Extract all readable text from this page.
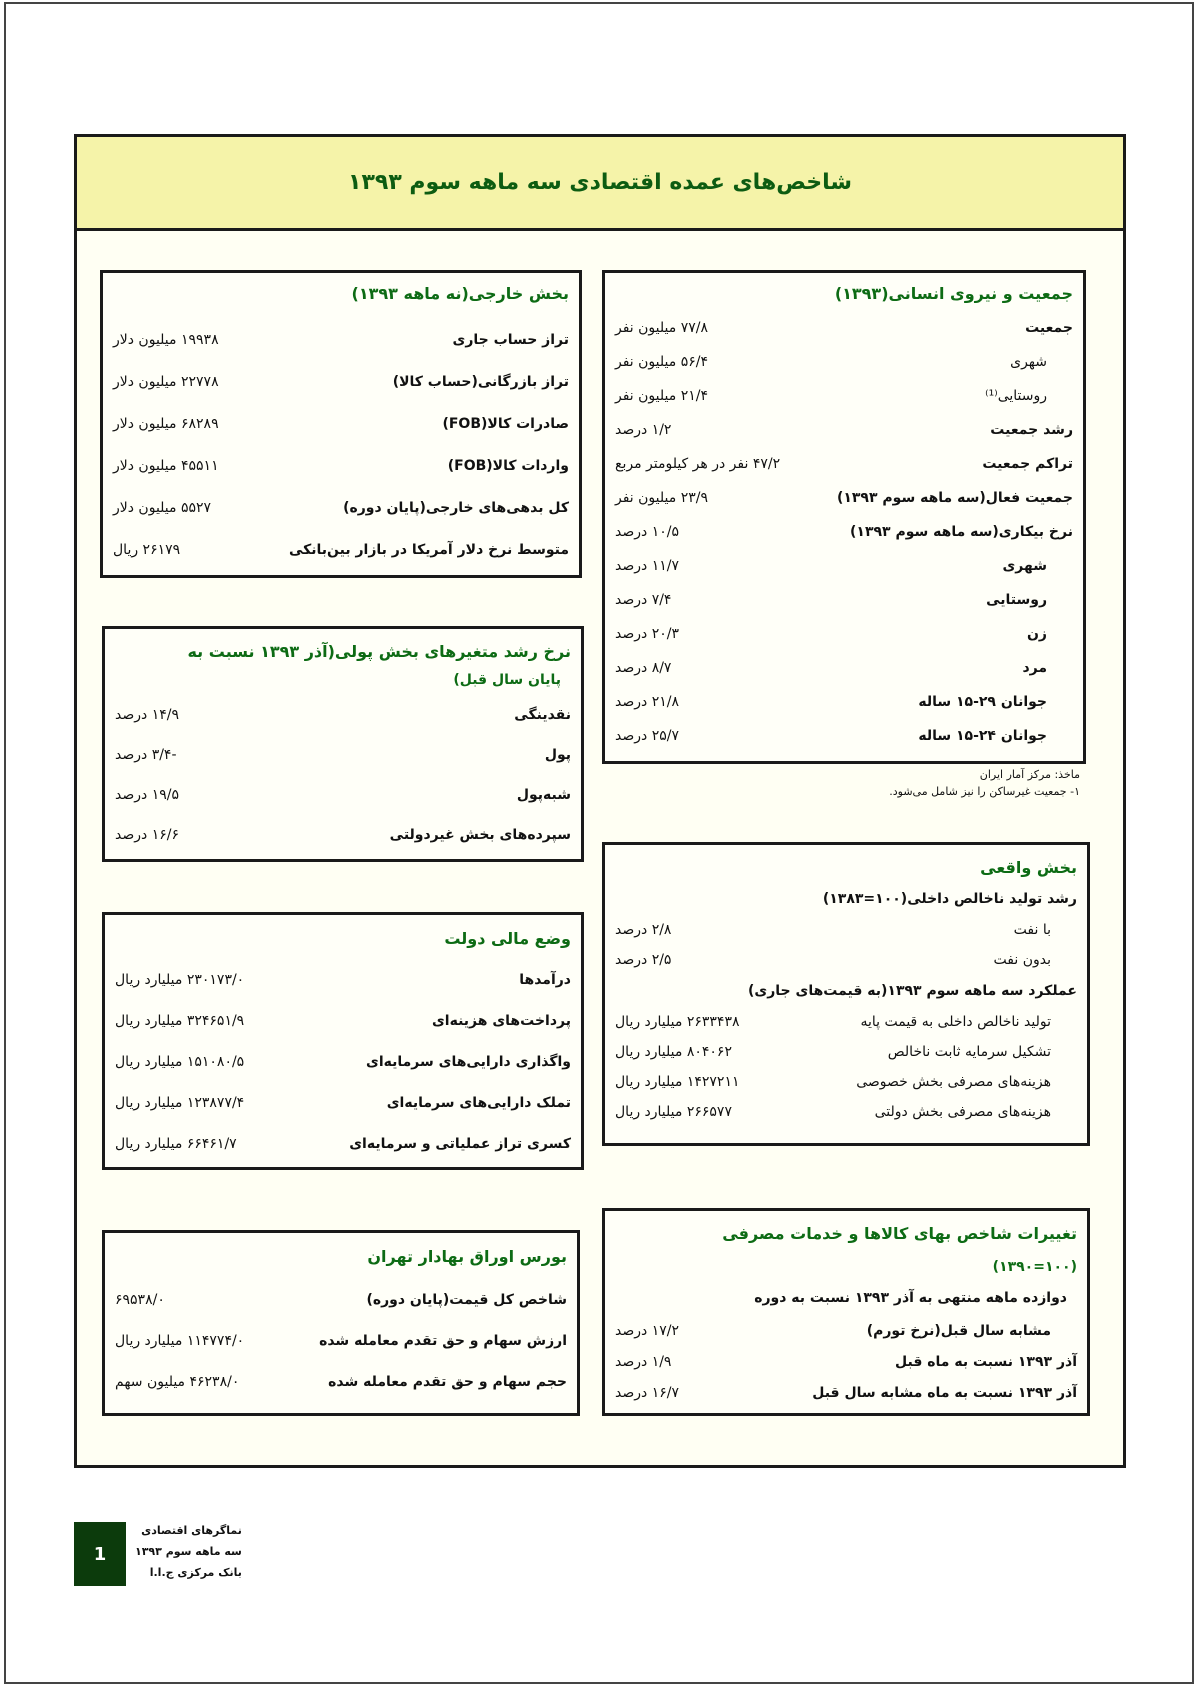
شاخص‌های عمده اقتصادی سه ماهه سوم ۱۳۹۳
جمعیت و نیروی انسانی(۱۳۹۳)
جمعیت
۷۷/۸ میلیون نفر
شهری
۵۶/۴ میلیون نفر
روستایی⁽¹⁾
۲۱/۴ میلیون نفر
رشد جمعیت
۱/۲ درصد
تراکم جمعیت
۴۷/۲ نفر در هر کیلومتر مربع
جمعیت فعال(سه ماهه سوم ۱۳۹۳)
۲۳/۹ میلیون نفر
نرخ بیکاری(سه ماهه سوم ۱۳۹۳)
۱۰/۵ درصد
شهری
۱۱/۷ درصد
روستایی
۷/۴ درصد
زن
۲۰/۳ درصد
مرد
۸/۷ درصد
جوانان ۲۹-۱۵ ساله
۲۱/۸ درصد
جوانان ۲۴-۱۵ ساله
۲۵/۷ درصد
ماخذ: مرکز آمار ایران
۱- جمعیت غیرساکن را نیز شامل می‌شود.
بخش خارجی(نه ماهه ۱۳۹۳)
تراز حساب جاری
۱۹۹۳۸ میلیون دلار
تراز بازرگانی(حساب کالا)
۲۲۷۷۸ میلیون دلار
صادرات کالا(FOB)
۶۸۲۸۹ میلیون دلار
واردات کالا(FOB)
۴۵۵۱۱ میلیون دلار
کل بدهی‌های خارجی(پایان دوره)
۵۵۲۷ میلیون دلار
متوسط نرخ دلار آمریکا در بازار بین‌بانکی
۲۶۱۷۹ ریال
نرخ رشد متغیرهای بخش پولی(آذر ۱۳۹۳ نسبت به
پایان سال قبل)
نقدینگی
۱۴/۹ درصد
پول
-۳/۴ درصد
شبه‌پول
۱۹/۵ درصد
سپرده‌های بخش غیردولتی
۱۶/۶ درصد
بخش واقعی
رشد تولید ناخالص داخلی(۱۰۰=۱۳۸۳)
با نفت
۲/۸ درصد
بدون نفت
۲/۵ درصد
عملکرد سه ماهه سوم ۱۳۹۳(به قیمت‌های جاری)
تولید ناخالص داخلی به قیمت پایه
۲۶۳۳۴۳۸ میلیارد ریال
تشکیل سرمایه ثابت ناخالص
۸۰۴۰۶۲ میلیارد ریال
هزینه‌های مصرفی بخش خصوصی
۱۴۲۷۲۱۱ میلیارد ریال
هزینه‌های مصرفی بخش دولتی
۲۶۶۵۷۷ میلیارد ریال
وضع مالی دولت
درآمدها
۲۳۰۱۷۳/۰ میلیارد ریال
پرداخت‌های هزینه‌ای
۳۲۴۶۵۱/۹ میلیارد ریال
واگذاری دارایی‌های سرمایه‌ای
۱۵۱۰۸۰/۵ میلیارد ریال
تملک دارایی‌های سرمایه‌ای
۱۲۳۸۷۷/۴ میلیارد ریال
کسری تراز عملیاتی و سرمایه‌ای
۶۶۴۶۱/۷ میلیارد ریال
تغییرات شاخص بهای کالاها و خدمات مصرفی
(۱۰۰=۱۳۹۰)
دوازده ماهه منتهی به آذر ۱۳۹۳ نسبت به دوره
مشابه سال قبل(نرخ تورم)
۱۷/۲ درصد
آذر ۱۳۹۳ نسبت به ماه قبل
۱/۹ درصد
آذر ۱۳۹۳ نسبت به ماه مشابه سال قبل
۱۶/۷ درصد
بورس اوراق بهادار تهران
شاخص کل قیمت(پایان دوره)
۶۹۵۳۸/۰
ارزش سهام و حق تقدم معامله شده
۱۱۴۷۷۴/۰ میلیارد ریال
حجم سهام و حق تقدم معامله شده
۴۶۲۳۸/۰ میلیون سهم
1
نماگرهای اقتصادی
سه ماهه سوم ۱۳۹۳
بانک مرکزی ج.ا.ا
